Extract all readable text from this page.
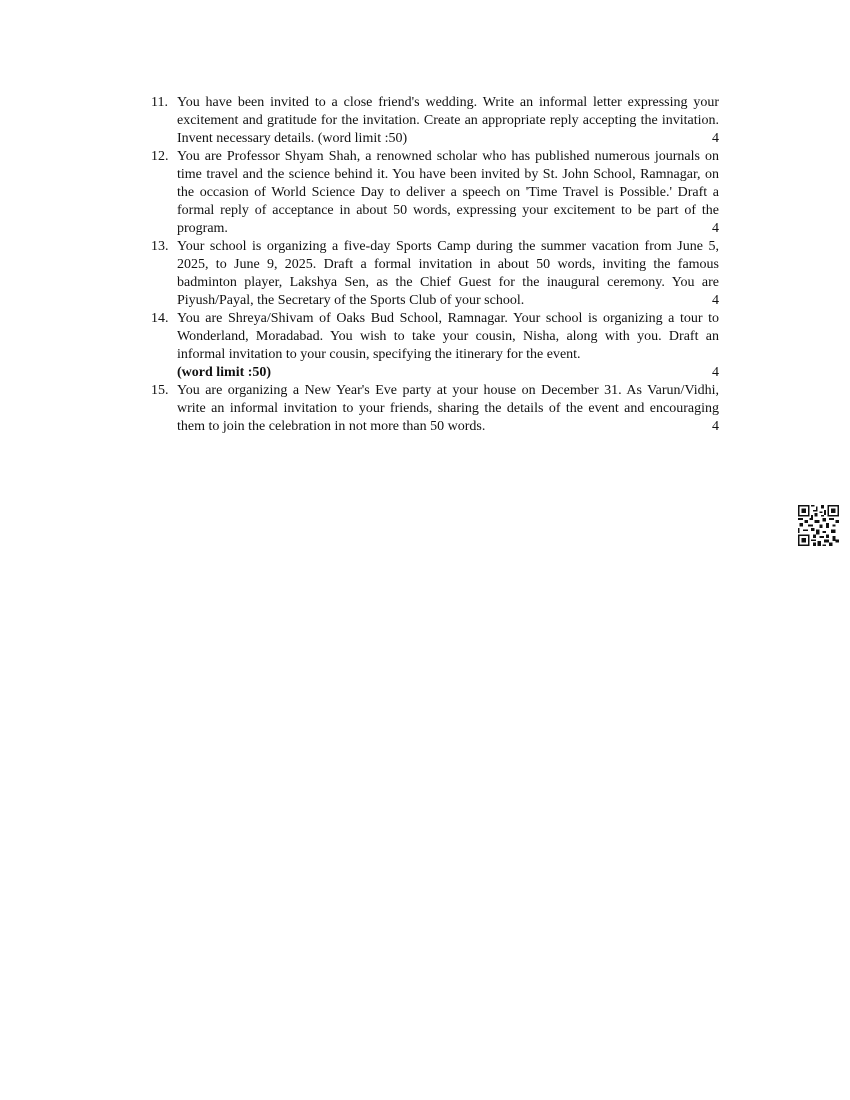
11. You have been invited to a close friend's wedding. Write an informal letter expressing your excitement and gratitude for the invitation. Create an appropriate reply accepting the invitation. Invent necessary details. (word limit :50)	4
12. You are Professor Shyam Shah, a renowned scholar who has published numerous journals on time travel and the science behind it. You have been invited by St. John School, Ramnagar, on the occasion of World Science Day to deliver a speech on 'Time Travel is Possible.' Draft a formal reply of acceptance in about 50 words, expressing your excitement to be part of the program.	4
13. Your school is organizing a five-day Sports Camp during the summer vacation from June 5, 2025, to June 9, 2025. Draft a formal invitation in about 50 words, inviting the famous badminton player, Lakshya Sen, as the Chief Guest for the inaugural ceremony. You are Piyush/Payal, the Secretary of the Sports Club of your school.	4
14. You are Shreya/Shivam of Oaks Bud School, Ramnagar. Your school is organizing a tour to Wonderland, Moradabad. You wish to take your cousin, Nisha, along with you. Draft an informal invitation to your cousin, specifying the itinerary for the event.
(word limit :50)	4
15. You are organizing a New Year's Eve party at your house on December 31. As Varun/Vidhi, write an informal invitation to your friends, sharing the details of the event and encouraging them to join the celebration in not more than 50 words.	4
